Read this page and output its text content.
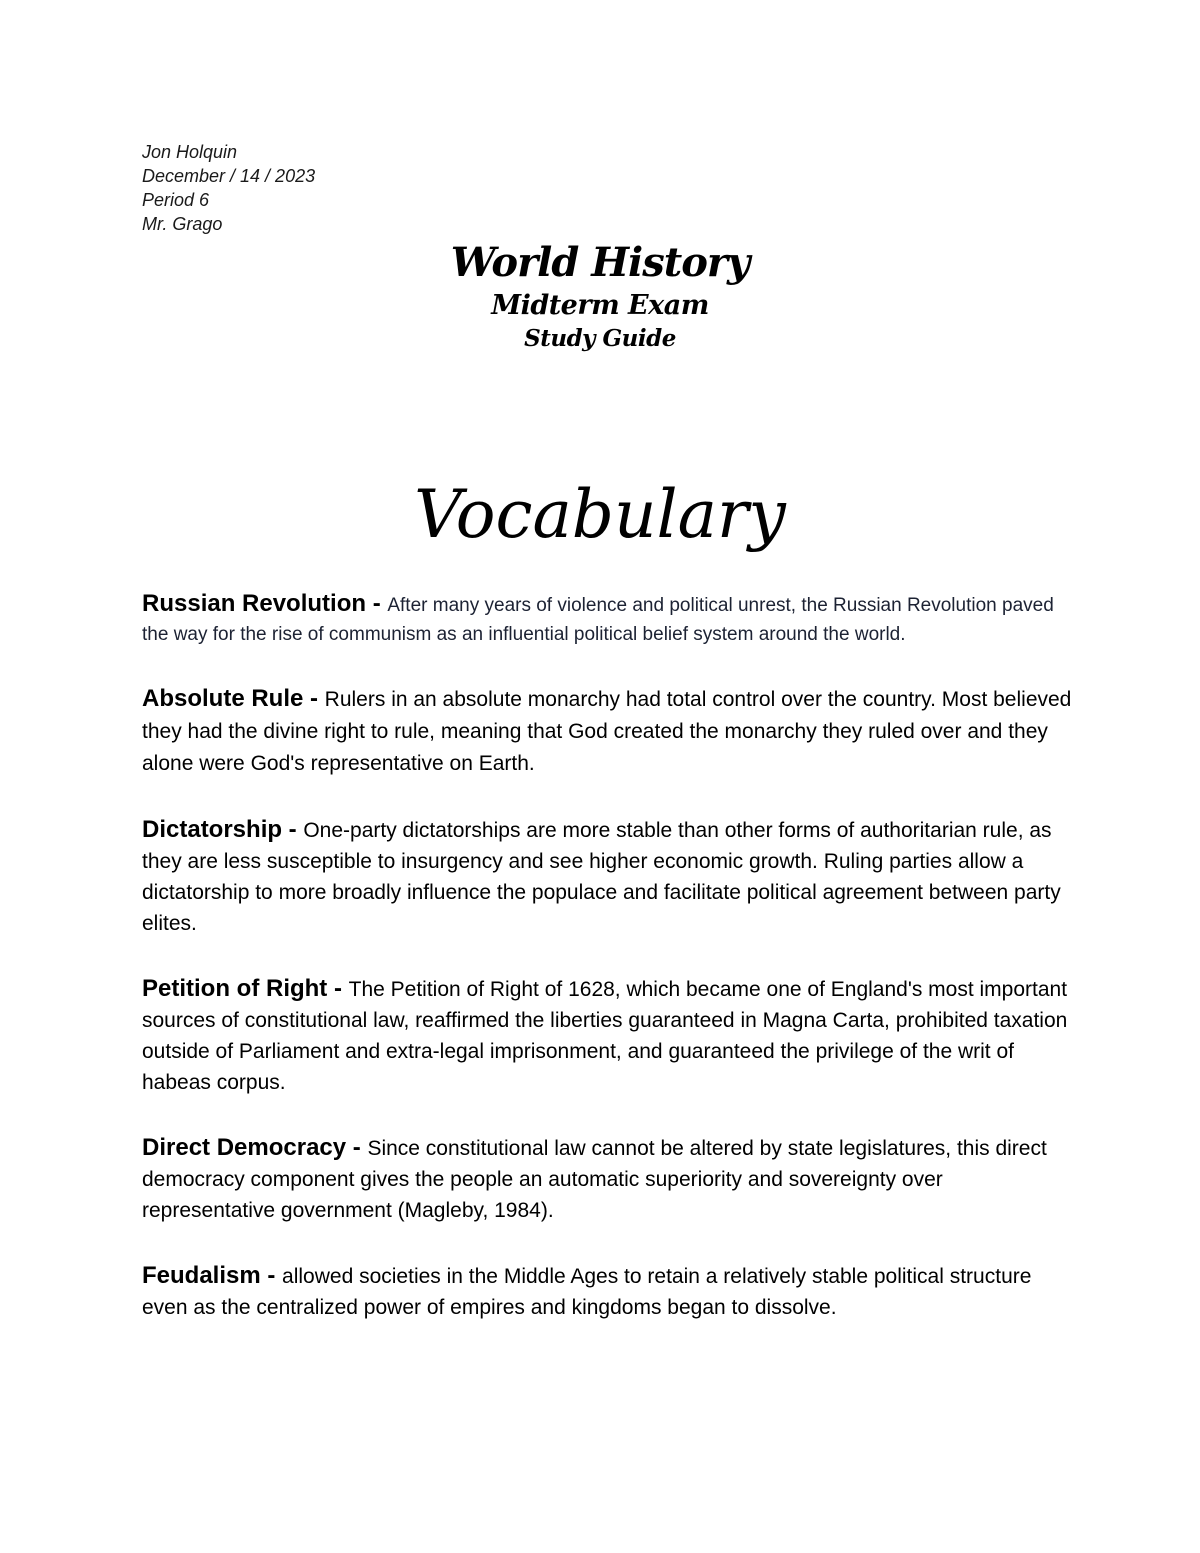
Jon Holquin
December / 14 / 2023
Period 6
Mr. Grago
World History
Midterm Exam
Study Guide
Vocabulary

Russian Revolution - After many years of violence and political unrest, the Russian Revolution paved the way for the rise of communism as an influential political belief system around the world.

Absolute Rule - Rulers in an absolute monarchy had total control over the country. Most believed they had the divine right to rule, meaning that God created the monarchy they ruled over and they alone were God's representative on Earth.

Dictatorship - One-party dictatorships are more stable than other forms of authoritarian rule, as they are less susceptible to insurgency and see higher economic growth. Ruling parties allow a dictatorship to more broadly influence the populace and facilitate political agreement between party elites.

Petition of Right - The Petition of Right of 1628, which became one of England's most important sources of constitutional law, reaffirmed the liberties guaranteed in Magna Carta, prohibited taxation outside of Parliament and extra-legal imprisonment, and guaranteed the privilege of the writ of habeas corpus.

Direct Democracy - Since constitutional law cannot be altered by state legislatures, this direct democracy component gives the people an automatic superiority and sovereignty over representative government (Magleby, 1984).

Feudalism - allowed societies in the Middle Ages to retain a relatively stable political structure even as the centralized power of empires and kingdoms began to dissolve.
